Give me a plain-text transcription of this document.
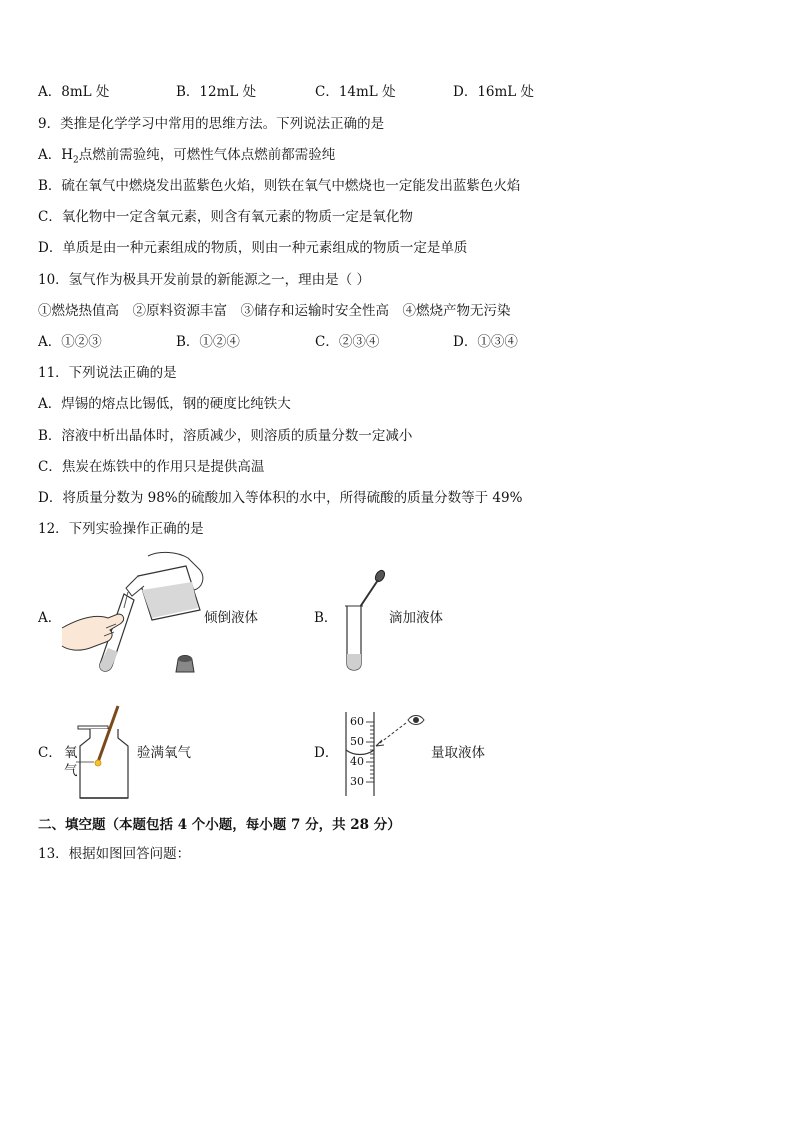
A．8mL 处	B．12mL 处	C．14mL 处	D．16mL 处
9．类推是化学学习中常用的思维方法。下列说法正确的是
A．$H_2$点燃前需验纯，可燃性气体点燃前都需验纯
B．硫在氧气中燃烧发出蓝紫色火焰，则铁在氧气中燃烧也一定能发出蓝紫色火焰
C．氧化物中一定含氧元素，则含有氧元素的物质一定是氧化物
D．单质是由一种元素组成的物质，则由一种元素组成的物质一定是单质
10．氢气作为极具开发前景的新能源之一，理由是（ ）
①燃烧热值高　②原料资源丰富　③储存和运输时安全性高　④燃烧产物无污染
A．①②③	B．①②④	C．②③④	D．①③④
11．下列说法正确的是
A．焊锡的熔点比锡低，钢的硬度比纯铁大
B．溶液中析出晶体时，溶质减少，则溶质的质量分数一定减小
C．焦炭在炼铁中的作用只是提供高温
D．将质量分数为 98%的硫酸加入等体积的水中，所得硫酸的质量分数等于 49%
12．下列实验操作正确的是
A．	倾倒液体	B．	滴加液体
C． 氧
气
验满氧气	D．
60
50
40
30
量取液体
二、填空题（本题包括 4 个小题，每小题 7 分，共 28 分）
13．根据如图回答问题：
